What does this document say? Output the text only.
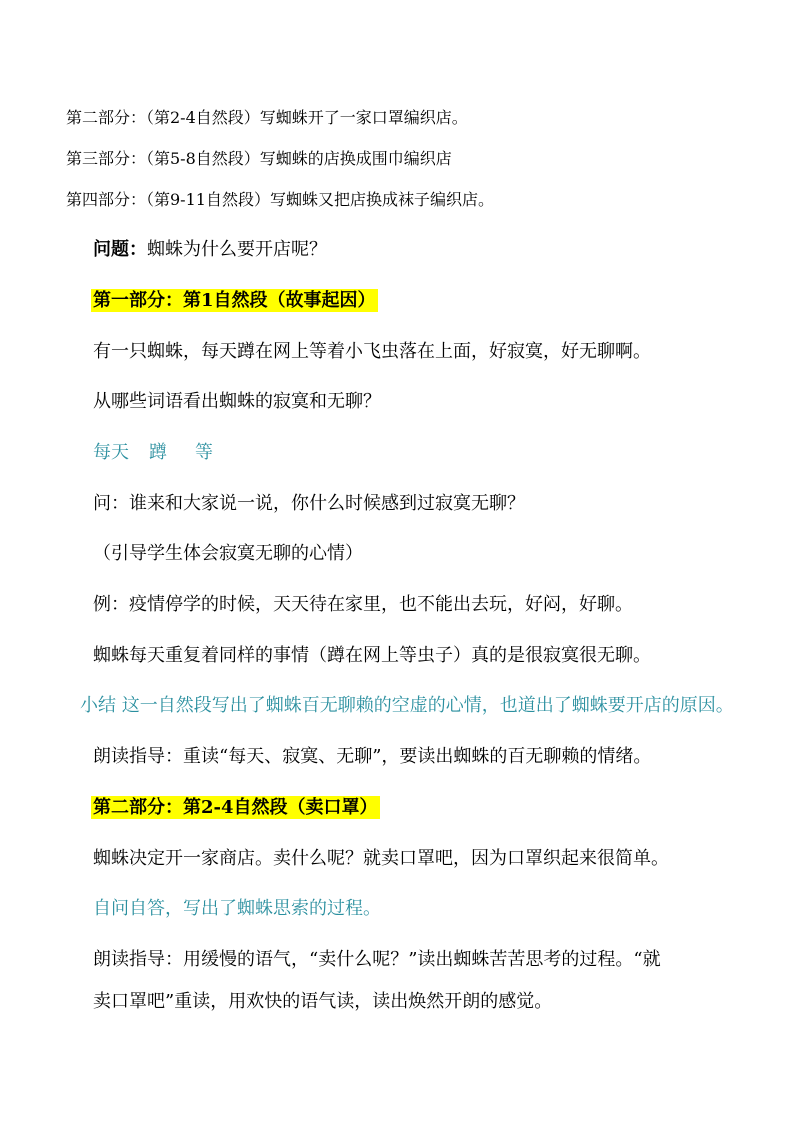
第二部分：（第2-4自然段）写蜘蛛开了一家口罩编织店。
第三部分：（第5-8自然段）写蜘蛛的店换成围巾编织店
第四部分：（第9-11自然段）写蜘蛛又把店换成袜子编织店。
问题：蜘蛛为什么要开店呢？
第一部分：第1自然段（故事起因）
有一只蜘蛛，每天蹲在网上等着小飞虫落在上面，好寂寞，好无聊啊。
从哪些词语看出蜘蛛的寂寞和无聊？
每天 蹲 等
问：谁来和大家说一说，你什么时候感到过寂寞无聊？
（引导学生体会寂寞无聊的心情）
例：疫情停学的时候，天天待在家里，也不能出去玩，好闷，好聊。
蜘蛛每天重复着同样的事情（蹲在网上等虫子）真的是很寂寞很无聊。
小结 这一自然段写出了蜘蛛百无聊赖的空虚的心情，也道出了蜘蛛要开店的原因。
朗读指导：重读“每天、寂寞、无聊”，要读出蜘蛛的百无聊赖的情绪。
第二部分：第2-4自然段（卖口罩）
蜘蛛决定开一家商店。卖什么呢？就卖口罩吧，因为口罩织起来很简单。
自问自答，写出了蜘蛛思索的过程。
朗读指导：用缓慢的语气，“卖什么呢？”读出蜘蛛苦苦思考的过程。“就
卖口罩吧”重读，用欢快的语气读，读出焕然开朗的感觉。
